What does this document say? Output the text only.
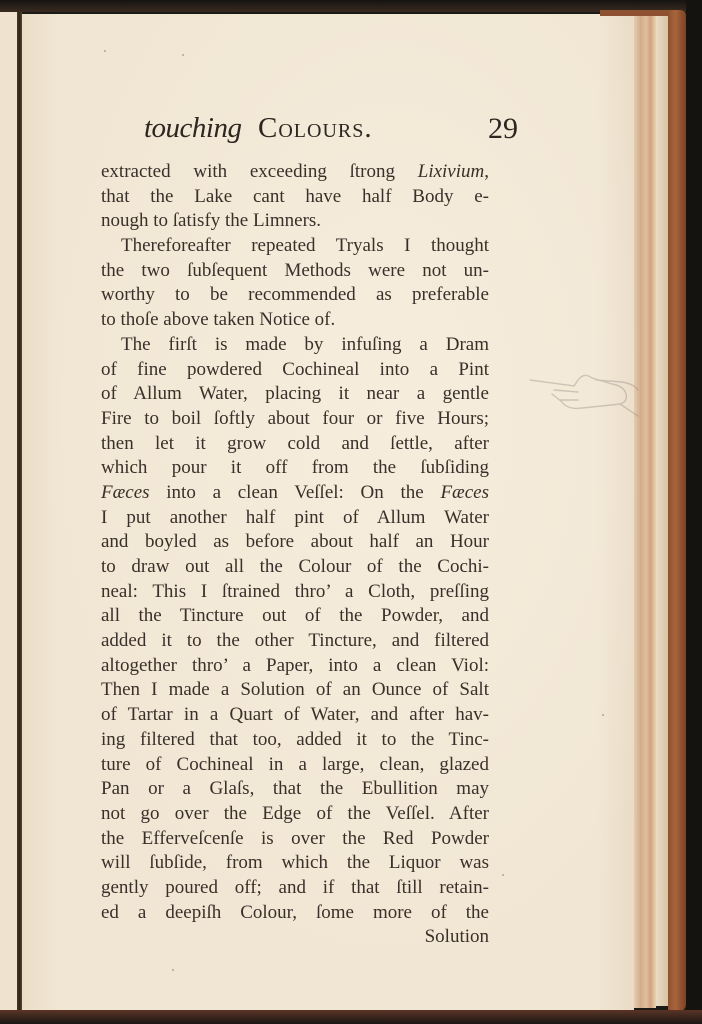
touching Colours.	29
extracted with exceeding ſtrong Lixivium,
that the Lake cant have half Body e-
nough to ſatisfy the Limners.
Thereforeafter repeated Tryals I thought
the two ſubſequent Methods were not un-
worthy to be recommended as preferable
to thoſe above taken Notice of.
The firſt is made by infuſing a Dram
of fine powdered Cochineal into a Pint
of Allum Water, placing it near a gentle
Fire to boil ſoftly about four or five Hours;
then let it grow cold and ſettle, after
which pour it off from the ſubſiding
Fæces into a clean Veſſel: On the Fæces
I put another half pint of Allum Water
and boyled as before about half an Hour
to draw out all the Colour of the Cochi-
neal: This I ſtrained thro’ a Cloth, preſſing
all the Tincture out of the Powder, and
added it to the other Tincture, and filtered
altogether thro’ a Paper, into a clean Viol:
Then I made a Solution of an Ounce of Salt
of Tartar in a Quart of Water, and after hav-
ing filtered that too, added it to the Tinc-
ture of Cochineal in a large, clean, glazed
Pan or a Glaſs, that the Ebullition may
not go over the Edge of the Veſſel. After
the Efferveſcenſe is over the Red Powder
will ſubſide, from which the Liquor was
gently poured off; and if that ſtill retain-
ed a deepiſh Colour, ſome more of the
Solution
